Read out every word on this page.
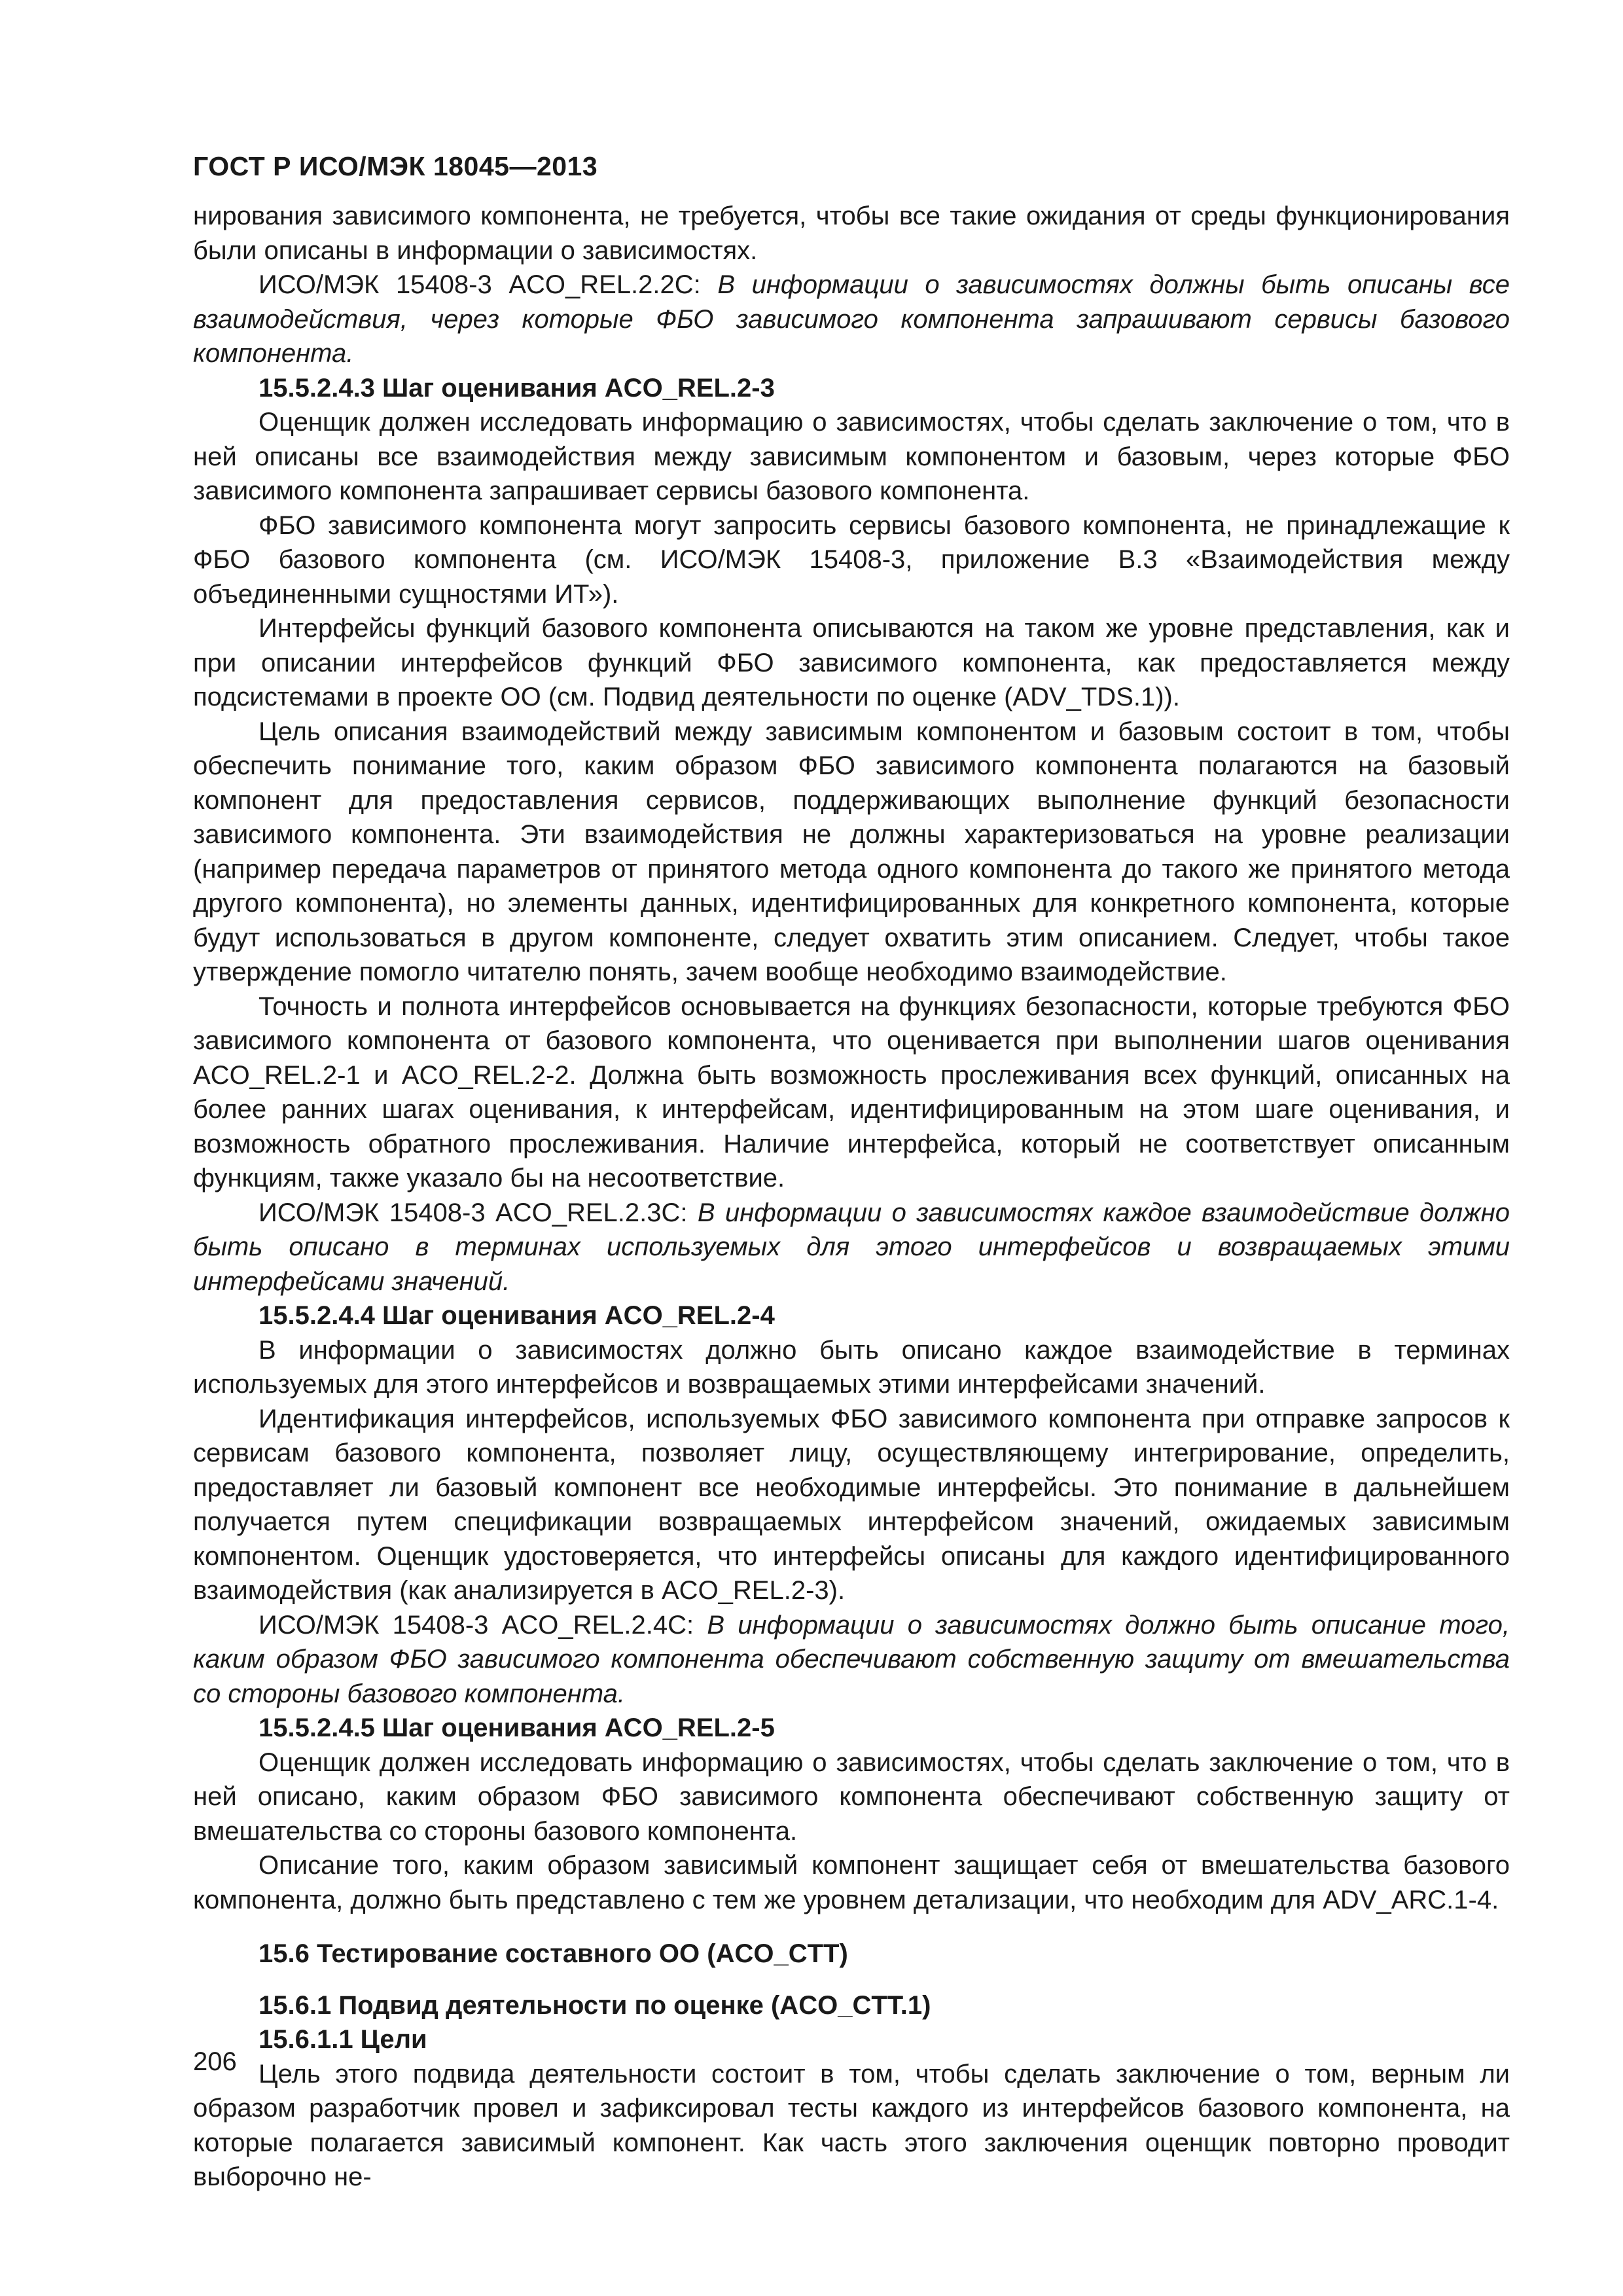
ГОСТ Р ИСО/МЭК 18045—2013

нирования зависимого компонента, не требуется, чтобы все такие ожидания от среды функционирования были описаны в информации о зависимостях.

ИСО/МЭК 15408-3 ACO_REL.2.2С: В информации о зависимостях должны быть описаны все взаимодействия, через которые ФБО зависимого компонента запрашивают сервисы базового компонента.

15.5.2.4.3 Шаг оценивания ACO_REL.2-3

Оценщик должен исследовать информацию о зависимостях, чтобы сделать заключение о том, что в ней описаны все взаимодействия между зависимым компонентом и базовым, через которые ФБО зависимого компонента запрашивает сервисы базового компонента.

ФБО зависимого компонента могут запросить сервисы базового компонента, не принадлежащие к ФБО базового компонента (см. ИСО/МЭК 15408-3, приложение В.3 «Взаимодействия между объединенными сущностями ИТ»).

Интерфейсы функций базового компонента описываются на таком же уровне представления, как и при описании интерфейсов функций ФБО зависимого компонента, как предоставляется между подсистемами в проекте ОО (см. Подвид деятельности по оценке (ADV_TDS.1)).

Цель описания взаимодействий между зависимым компонентом и базовым состоит в том, чтобы обеспечить понимание того, каким образом ФБО зависимого компонента полагаются на базовый компонент для предоставления сервисов, поддерживающих выполнение функций безопасности зависимого компонента. Эти взаимодействия не должны характеризоваться на уровне реализации (например передача параметров от принятого метода одного компонента до такого же принятого метода другого компонента), но элементы данных, идентифицированных для конкретного компонента, которые будут использоваться в другом компоненте, следует охватить этим описанием. Следует, чтобы такое утверждение помогло читателю понять, зачем вообще необходимо взаимодействие.

Точность и полнота интерфейсов основывается на функциях безопасности, которые требуются ФБО зависимого компонента от базового компонента, что оценивается при выполнении шагов оценивания ACO_REL.2-1 и ACO_REL.2-2. Должна быть возможность прослеживания всех функций, описанных на более ранних шагах оценивания, к интерфейсам, идентифицированным на этом шаге оценивания, и возможность обратного прослеживания. Наличие интерфейса, который не соответствует описанным функциям, также указало бы на несоответствие.

ИСО/МЭК 15408-3 ACO_REL.2.3С: В информации о зависимостях каждое взаимодействие должно быть описано в терминах используемых для этого интерфейсов и возвращаемых этими интерфейсами значений.

15.5.2.4.4 Шаг оценивания ACO_REL.2-4

В информации о зависимостях должно быть описано каждое взаимодействие в терминах используемых для этого интерфейсов и возвращаемых этими интерфейсами значений.

Идентификация интерфейсов, используемых ФБО зависимого компонента при отправке запросов к сервисам базового компонента, позволяет лицу, осуществляющему интегрирование, определить, предоставляет ли базовый компонент все необходимые интерфейсы. Это понимание в дальнейшем получается путем спецификации возвращаемых интерфейсом значений, ожидаемых зависимым компонентом. Оценщик удостоверяется, что интерфейсы описаны для каждого идентифицированного взаимодействия (как анализируется в ACO_REL.2-3).

ИСО/МЭК 15408-3 ACO_REL.2.4С: В информации о зависимостях должно быть описание того, каким образом ФБО зависимого компонента обеспечивают собственную защиту от вмешательства со стороны базового компонента.

15.5.2.4.5 Шаг оценивания ACO_REL.2-5

Оценщик должен исследовать информацию о зависимостях, чтобы сделать заключение о том, что в ней описано, каким образом ФБО зависимого компонента обеспечивают собственную защиту от вмешательства со стороны базового компонента.

Описание того, каким образом зависимый компонент защищает себя от вмешательства базового компонента, должно быть представлено с тем же уровнем детализации, что необходим для ADV_ARC.1-4.

15.6 Тестирование составного ОО (ACO_CTT)

15.6.1 Подвид деятельности по оценке (ACO_CTT.1)

15.6.1.1 Цели

Цель этого подвида деятельности состоит в том, чтобы сделать заключение о том, верным ли образом разработчик провел и зафиксировал тесты каждого из интерфейсов базового компонента, на которые полагается зависимый компонент. Как часть этого заключения оценщик повторно проводит выборочно не-

206
